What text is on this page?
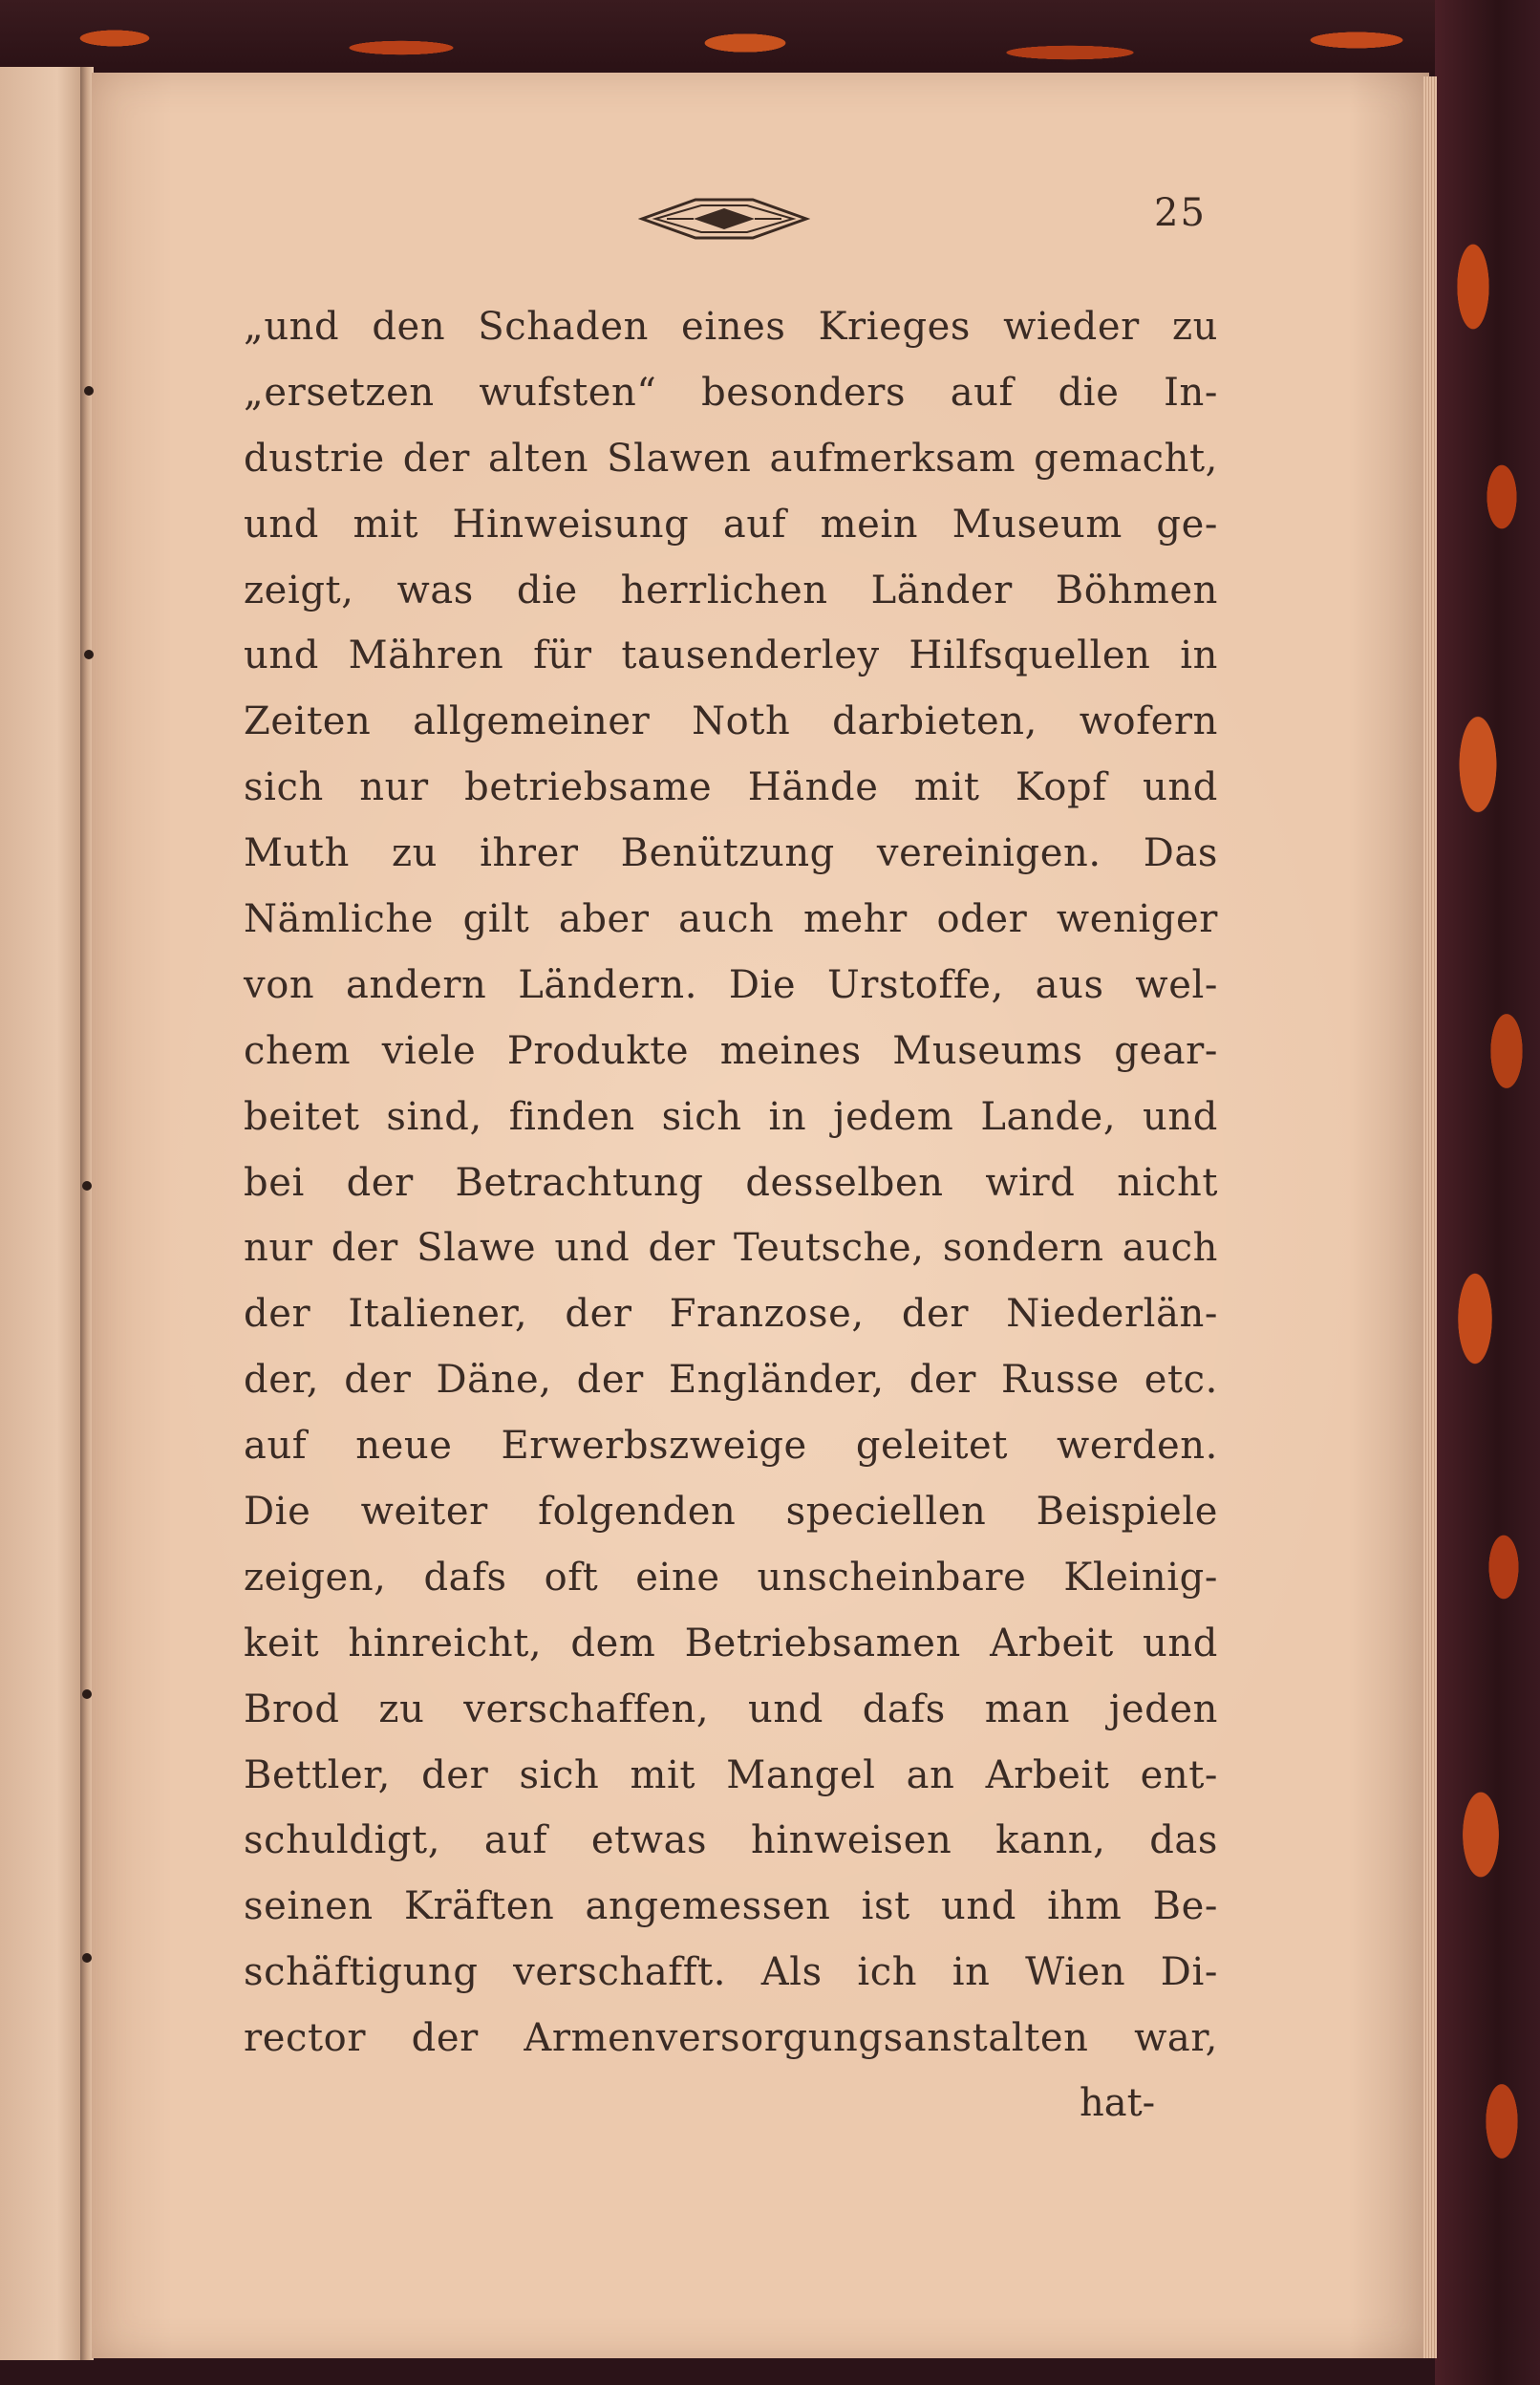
25
„und den Schaden eines Krieges wieder zu
„ersetzen wufsten“ besonders auf die In-
dustrie der alten Slawen aufmerksam gemacht,
und mit Hinweisung auf mein Museum ge-
zeigt, was die herrlichen Länder Böhmen
und Mähren für tausenderley Hilfsquellen in
Zeiten allgemeiner Noth darbieten, wofern
sich nur betriebsame Hände mit Kopf und
Muth zu ihrer Benützung vereinigen. Das
Nämliche gilt aber auch mehr oder weniger
von andern Ländern. Die Urstoffe, aus wel-
chem viele Produkte meines Museums gear-
beitet sind, finden sich in jedem Lande, und
bei der Betrachtung desselben wird nicht
nur der Slawe und der Teutsche, sondern auch
der Italiener, der Franzose, der Niederlän-
der, der Däne, der Engländer, der Russe etc.
auf neue Erwerbszweige geleitet werden.
Die weiter folgenden speciellen Beispiele
zeigen, dafs oft eine unscheinbare Kleinig-
keit hinreicht, dem Betriebsamen Arbeit und
Brod zu verschaffen, und dafs man jeden
Bettler, der sich mit Mangel an Arbeit ent-
schuldigt, auf etwas hinweisen kann, das
seinen Kräften angemessen ist und ihm Be-
schäftigung verschafft. Als ich in Wien Di-
rector der Armenversorgungsanstalten war,
hat-
